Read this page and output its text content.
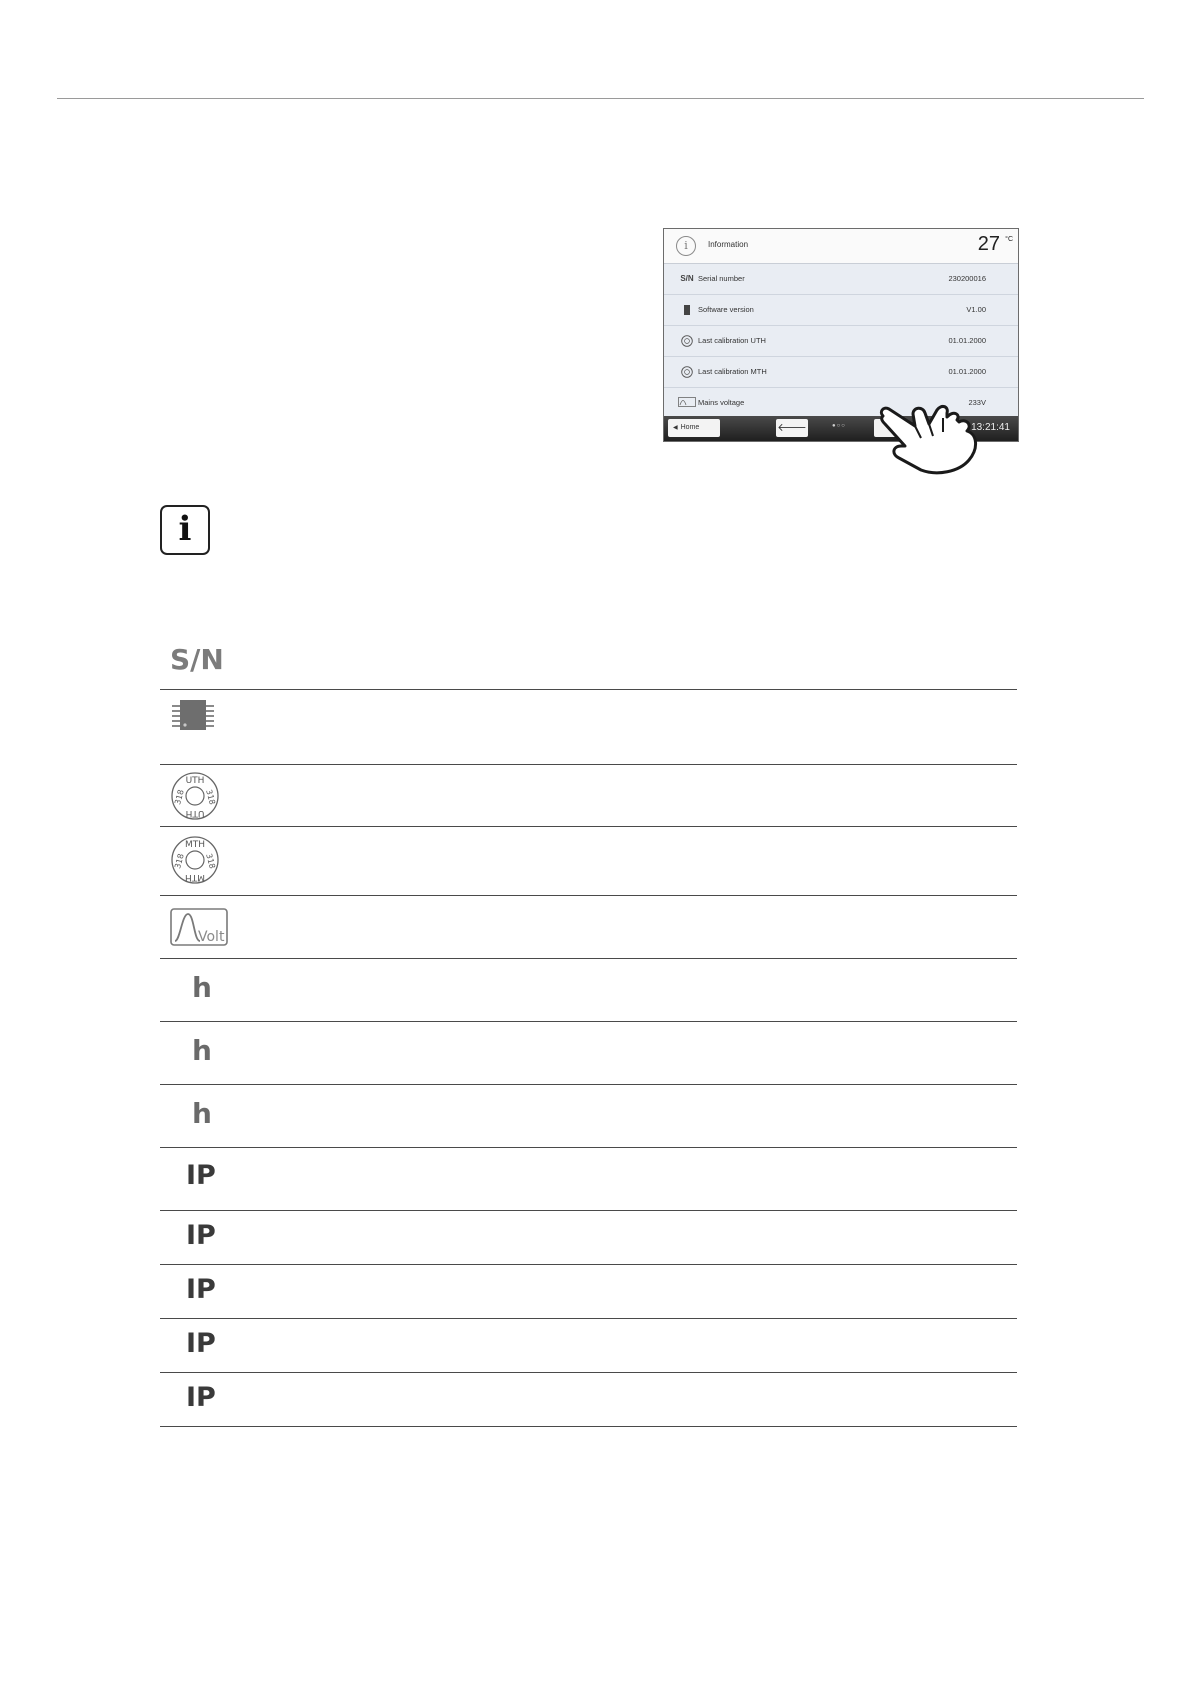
i	Information	27 °C
S/N Serial number	230200016
Software version	V1.00
Last calibration UTH	01.01.2000
Last calibration MTH	01.01.2000
Mains voltage	233V
◀ Home	🡐	●○○	13:21:41
i
S/N
UTH
UTH
318 318
MTH
MTH
318 318
Volt
h
h
h
IP
IP
IP
IP
IP
